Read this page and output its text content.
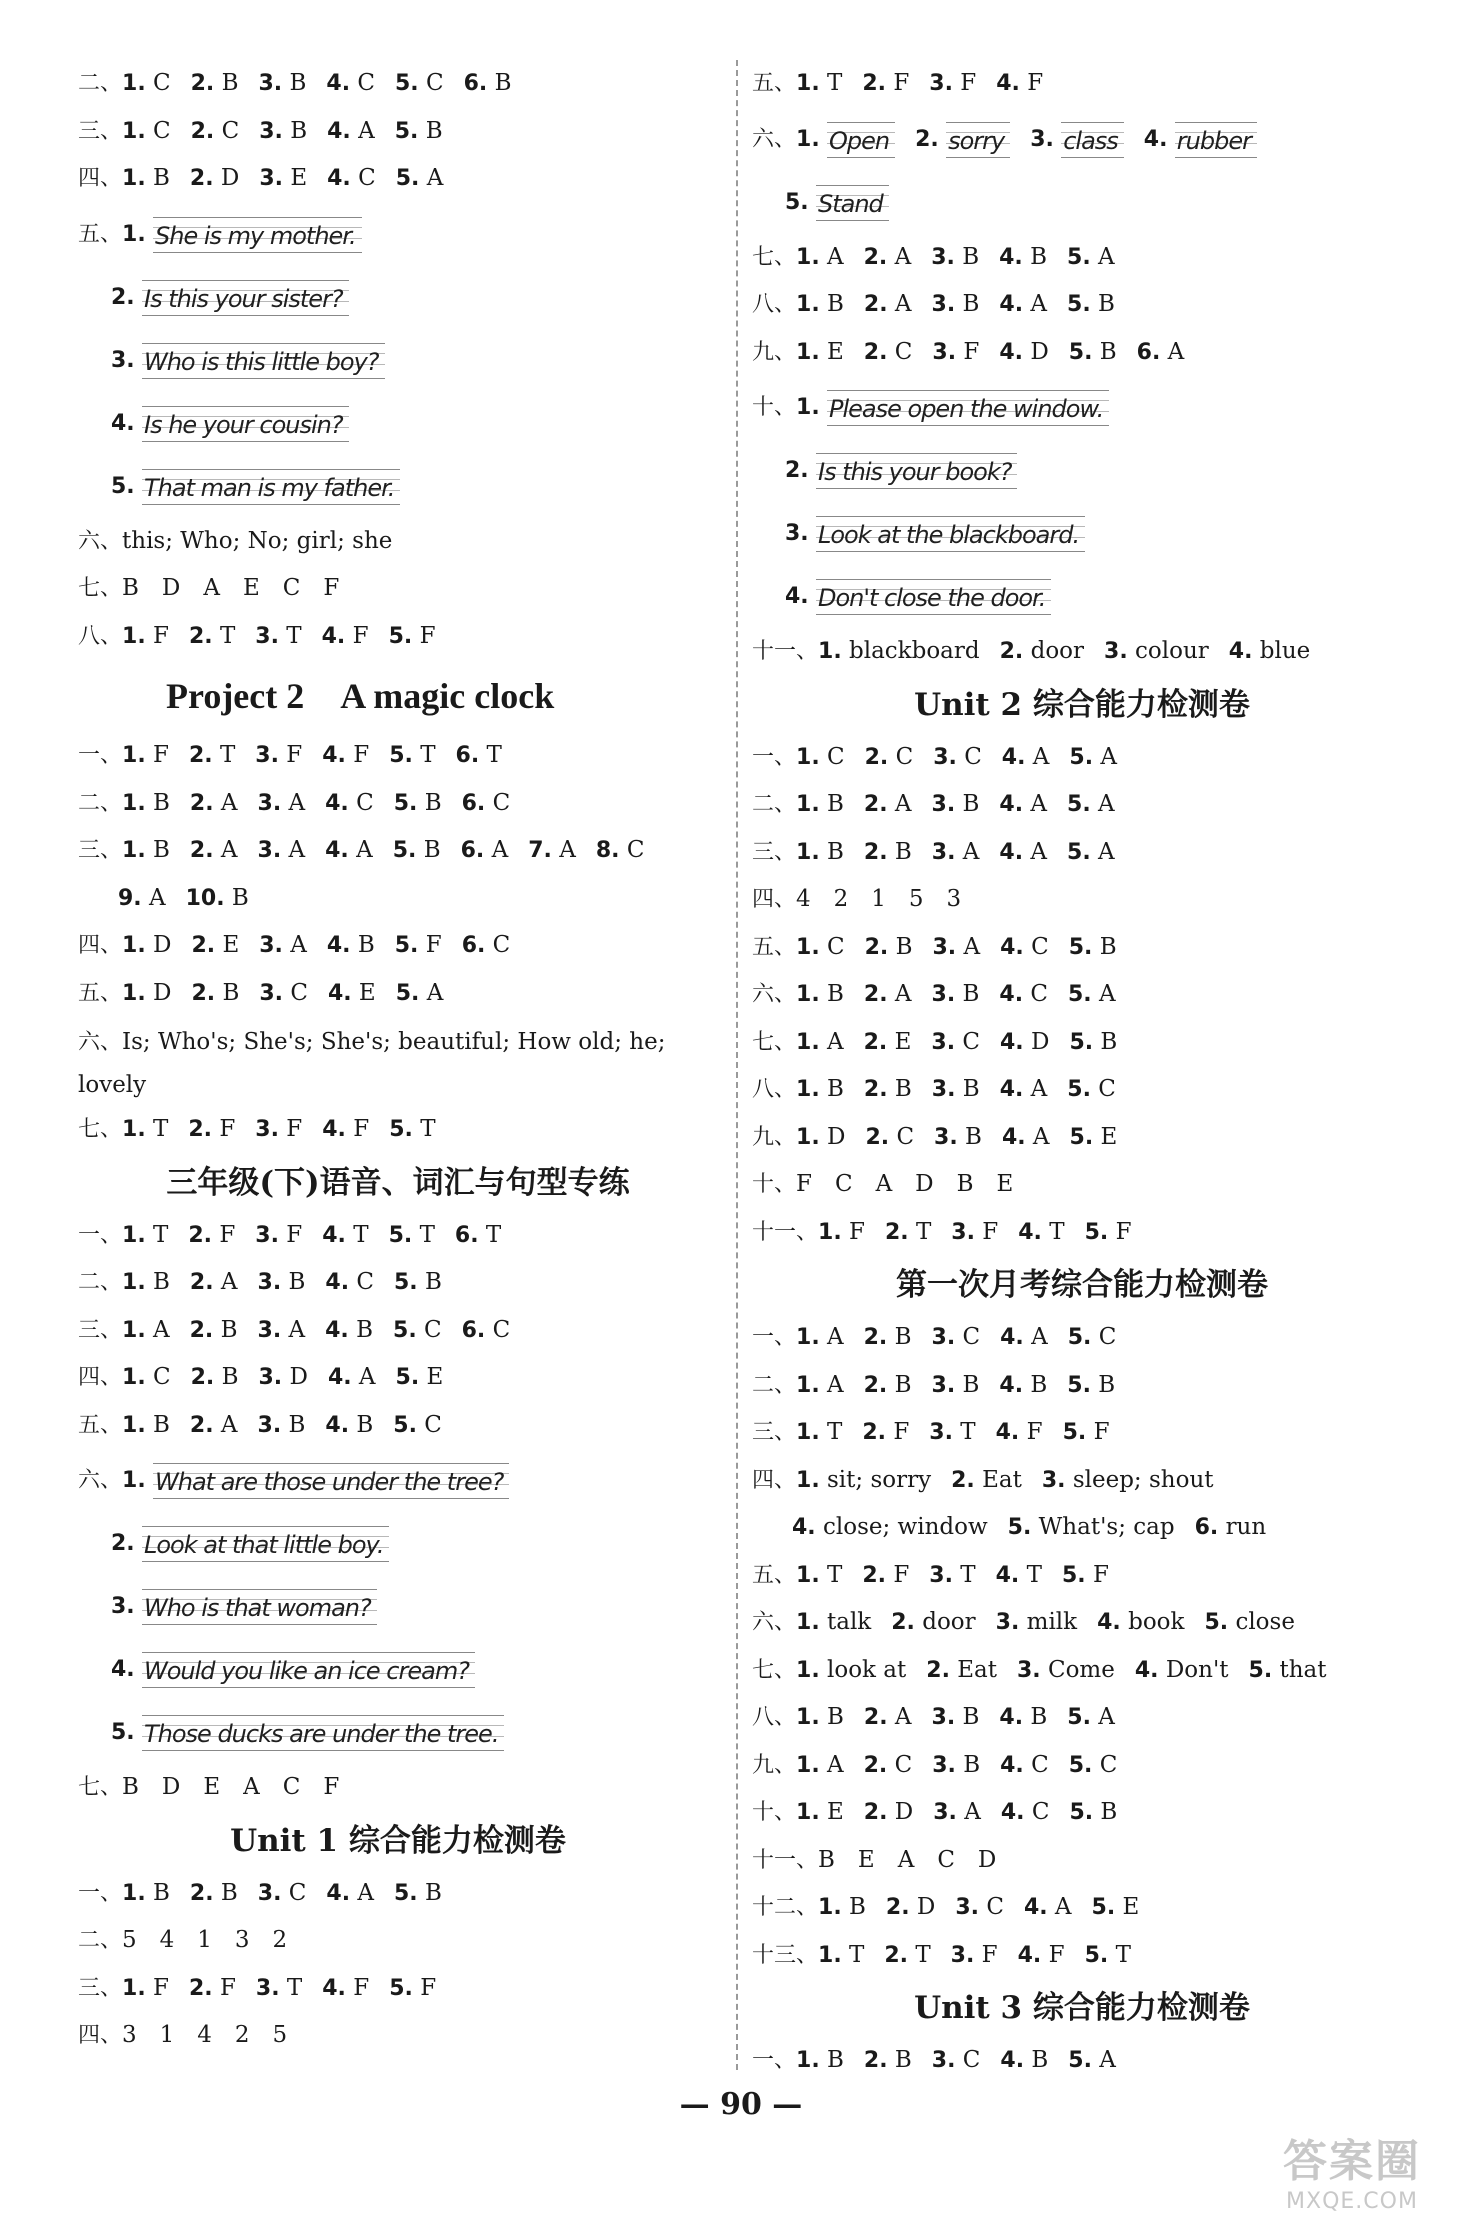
二、1. C 2. B 3. B 4. C 5. C 6. B
三、1. C 2. C 3. B 4. A 5. B
四、1. B 2. D 3. E 4. C 5. A
五、1. She is my mother.
2. Is this your sister?
3. Who is this little boy?
4. Is he your cousin?
5. That man is my father.
六、this; Who; No; girl; she
七、B　D　A　E　C　F
八、1. F 2. T 3. T 4. F 5. F
Project 2　A magic clock
一、1. F 2. T 3. F 4. F 5. T 6. T
二、1. B 2. A 3. A 4. C 5. B 6. C
三、1. B 2. A 3. A 4. A 5. B 6. A 7. A 8. C
9. A 10. B
四、1. D 2. E 3. A 4. B 5. F 6. C
五、1. D 2. B 3. C 4. E 5. A
六、Is; Who's; She's; She's; beautiful; How old; he; lovely
七、1. T 2. F 3. F 4. F 5. T
三年级(下)语音、词汇与句型专练
一、1. T 2. F 3. F 4. T 5. T 6. T
二、1. B 2. A 3. B 4. C 5. B
三、1. A 2. B 3. A 4. B 5. C 6. C
四、1. C 2. B 3. D 4. A 5. E
五、1. B 2. A 3. B 4. B 5. C
六、1. What are those under the tree?
2. Look at that little boy.
3. Who is that woman?
4. Would you like an ice cream?
5. Those ducks are under the tree.
七、B　D　E　A　C　F
Unit 1 综合能力检测卷
一、1. B 2. B 3. C 4. A 5. B
二、5　4　1　3　2
三、1. F 2. F 3. T 4. F 5. F
四、3　1　4　2　5
五、1. T 2. F 3. F 4. F
六、1. Open 2. sorry 3. class 4. rubber
5. Stand
七、1. A 2. A 3. B 4. B 5. A
八、1. B 2. A 3. B 4. A 5. B
九、1. E 2. C 3. F 4. D 5. B 6. A
十、1. Please open the window.
2. Is this your book?
3. Look at the blackboard.
4. Don't close the door.
十一、1. blackboard 2. door 3. colour 4. blue
Unit 2 综合能力检测卷
一、1. C 2. C 3. C 4. A 5. A
二、1. B 2. A 3. B 4. A 5. A
三、1. B 2. B 3. A 4. A 5. A
四、4　2　1　5　3
五、1. C 2. B 3. A 4. C 5. B
六、1. B 2. A 3. B 4. C 5. A
七、1. A 2. E 3. C 4. D 5. B
八、1. B 2. B 3. B 4. A 5. C
九、1. D 2. C 3. B 4. A 5. E
十、F　C　A　D　B　E
十一、1. F 2. T 3. F 4. T 5. F
第一次月考综合能力检测卷
一、1. A 2. B 3. C 4. A 5. C
二、1. A 2. B 3. B 4. B 5. B
三、1. T 2. F 3. T 4. F 5. F
四、1. sit; sorry 2. Eat 3. sleep; shout
4. close; window 5. What's; cap 6. run
五、1. T 2. F 3. T 4. T 5. F
六、1. talk 2. door 3. milk 4. book 5. close
七、1. look at 2. Eat 3. Come 4. Don't 5. that
八、1. B 2. A 3. B 4. B 5. A
九、1. A 2. C 3. B 4. C 5. C
十、1. E 2. D 3. A 4. C 5. B
十一、B　E　A　C　D
十二、1. B 2. D 3. C 4. A 5. E
十三、1. T 2. T 3. F 4. F 5. T
Unit 3 综合能力检测卷
一、1. B 2. B 3. C 4. B 5. A
— 90 —
答案圈
MXQE.COM
